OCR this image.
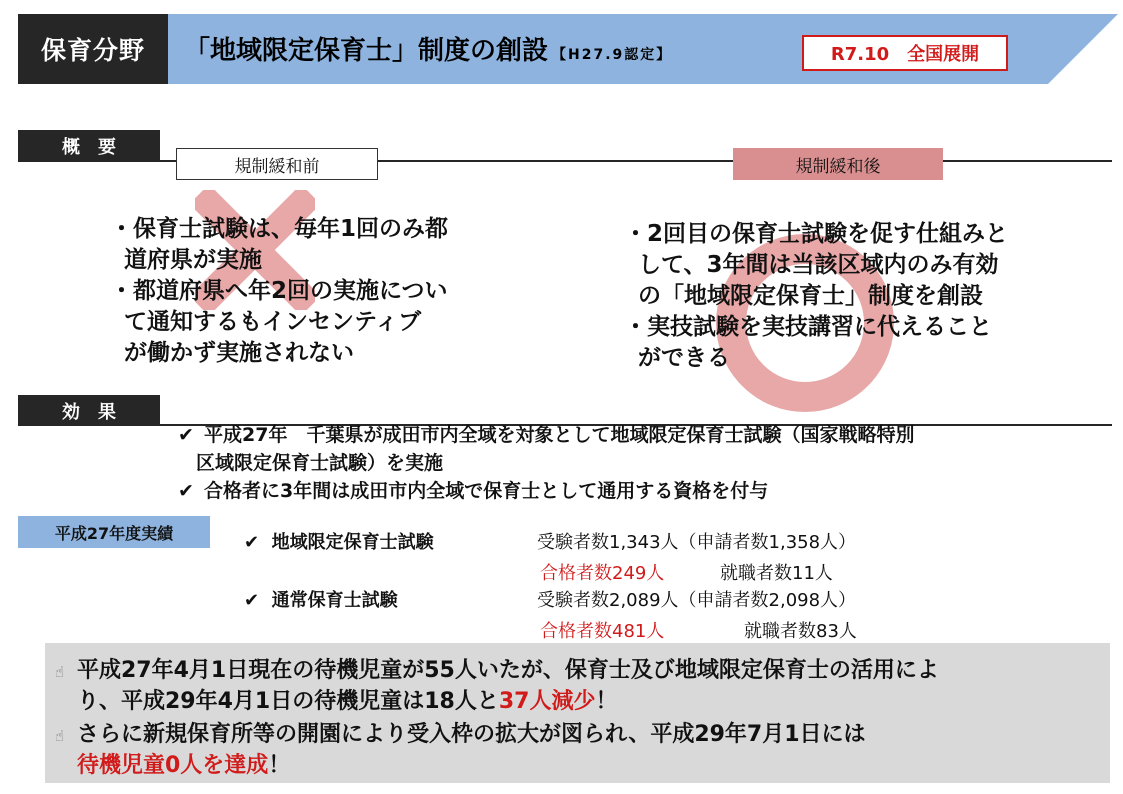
保育分野	「地域限定保育士」制度の創設 【H27.9認定】	R7.10　全国展開
概　要
規制緩和前	規制緩和後
・保育士試験は、毎年1回のみ都
道府県が実施
・都道府県へ年2回の実施につい
て通知するもインセンティブ
が働かず実施されない
・2回目の保育士試験を促す仕組みと
して、3年間は当該区域内のみ有効
の「地域限定保育士」制度を創設
・実技試験を実技講習に代えること
ができる
効　果
✔ 平成27年　千葉県が成田市内全域を対象として地域限定保育士試験（国家戦略特別
区域限定保育士試験）を実施
✔ 合格者に3年間は成田市内全域で保育士として通用する資格を付与
平成27年度実績	✔ 地域限定保育士試験	受験者数1,343人（申請者数1,358人）
合格者数249人	就職者数11人
✔ 通常保育士試験	受験者数2,089人（申請者数2,098人）
合格者数481人	就職者数83人
☝ 平成27年4月1日現在の待機児童が55人いたが、保育士及び地域限定保育士の活用によ
り、平成29年4月1日の待機児童は18人と37人減少！
☝ さらに新規保育所等の開園により受入枠の拡大が図られ、平成29年7月1日には
待機児童0人を達成！
